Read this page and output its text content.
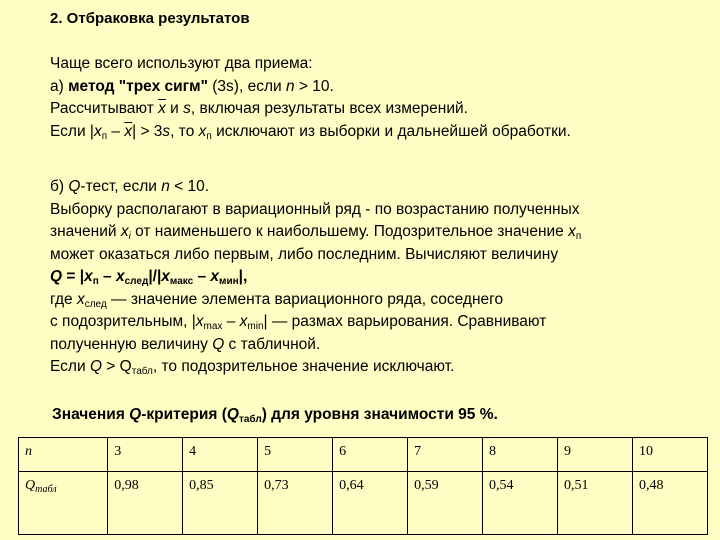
2. Отбраковка результатов
Чаще всего используют два приема:
а) метод "трех сигм" (3s), если n > 10.
Рассчитывают $\overline{x}$ и s, включая результаты всех измерений.
Если $|x_п - \overline{x}| > 3s$, то $x_п$ исключают из выборки и дальнейшей обработки.
б) Q-тест, если n < 10.
Выборку располагают в вариационный ряд - по возрастанию полученных
значений $x_i$ от наименьшего к наибольшему. Подозрительное значение $x_п$
может оказаться либо первым, либо последним. Вычисляют величину
$Q = |x_п - x_{след}|/|x_{макс} - x_{мин}|$,
где $x_{след}$ — значение элемента вариационного ряда, соседнего
с подозрительным, $|x_{max} - x_{min}|$ — размах варьирования. Сравнивают
полученную величину Q с табличной.
Если $Q > Q_{табл}$, то подозрительное значение исключают.
Значения Q-критерия $(Q_{табл})$ для уровня значимости 95 %.
n	3	4	5	6	7	8	9	10
$Q_{табл}$	0,98	0,85	0,73	0,64	0,59	0,54	0,51	0,48
